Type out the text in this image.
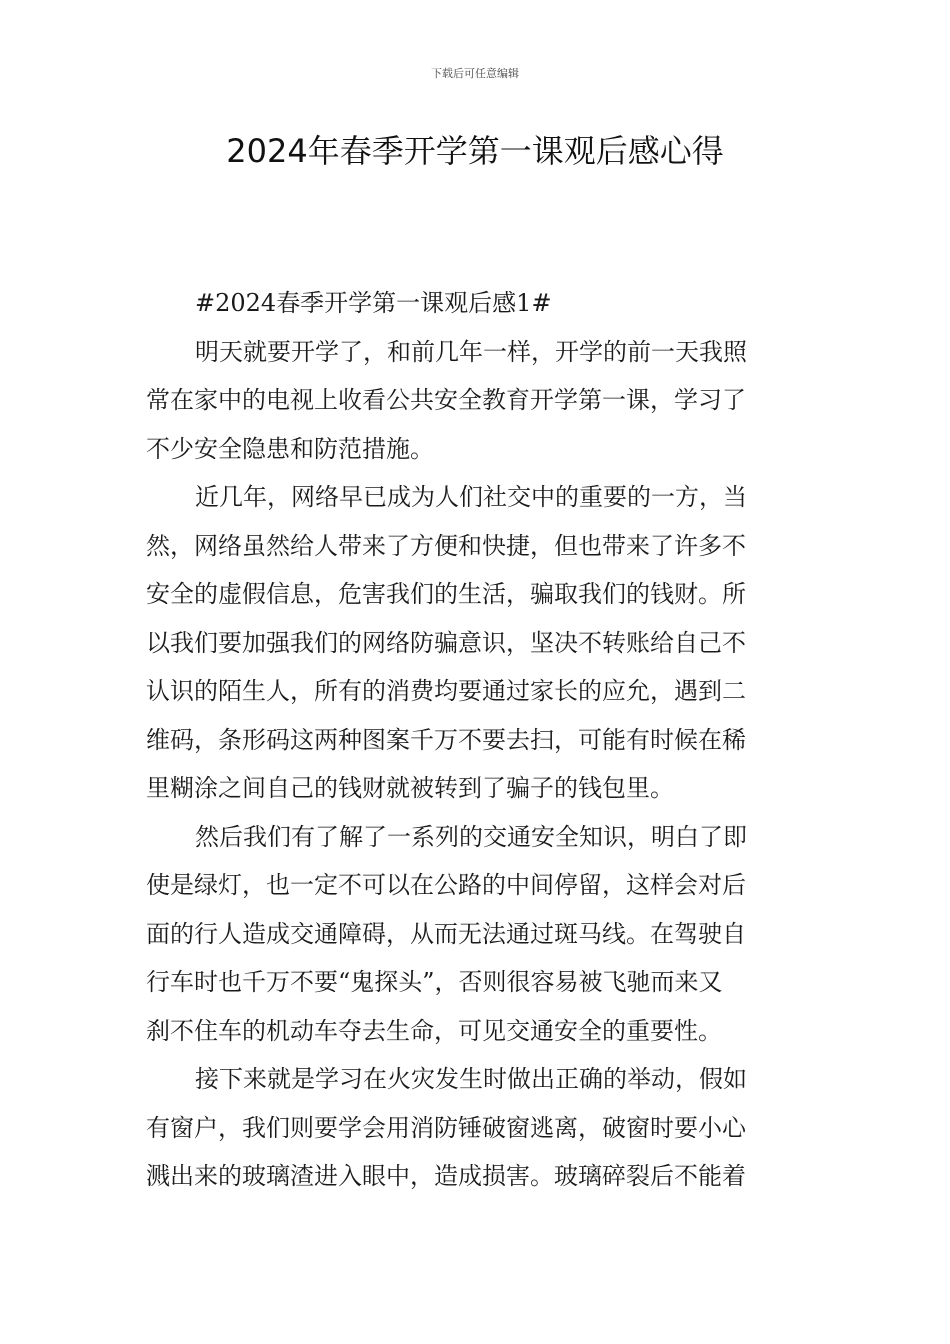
下载后可任意编辑
2024年春季开学第一课观后感心得

#2024春季开学第一课观后感1#

明天就要开学了，和前几年一样，开学的前一天我照
常在家中的电视上收看公共安全教育开学第一课，学习了
不少安全隐患和防范措施。

近几年，网络早已成为人们社交中的重要的一方，当
然，网络虽然给人带来了方便和快捷，但也带来了许多不
安全的虚假信息，危害我们的生活，骗取我们的钱财。所
以我们要加强我们的网络防骗意识，坚决不转账给自己不
认识的陌生人，所有的消费均要通过家长的应允，遇到二
维码，条形码这两种图案千万不要去扫，可能有时候在稀
里糊涂之间自己的钱财就被转到了骗子的钱包里。

然后我们有了解了一系列的交通安全知识，明白了即
使是绿灯，也一定不可以在公路的中间停留，这样会对后
面的行人造成交通障碍，从而无法通过斑马线。在驾驶自
行车时也千万不要“鬼探头”，否则很容易被飞驰而来又
刹不住车的机动车夺去生命，可见交通安全的重要性。

接下来就是学习在火灾发生时做出正确的举动，假如
有窗户，我们则要学会用消防锤破窗逃离，破窗时要小心
溅出来的玻璃渣进入眼中，造成损害。玻璃碎裂后不能着
